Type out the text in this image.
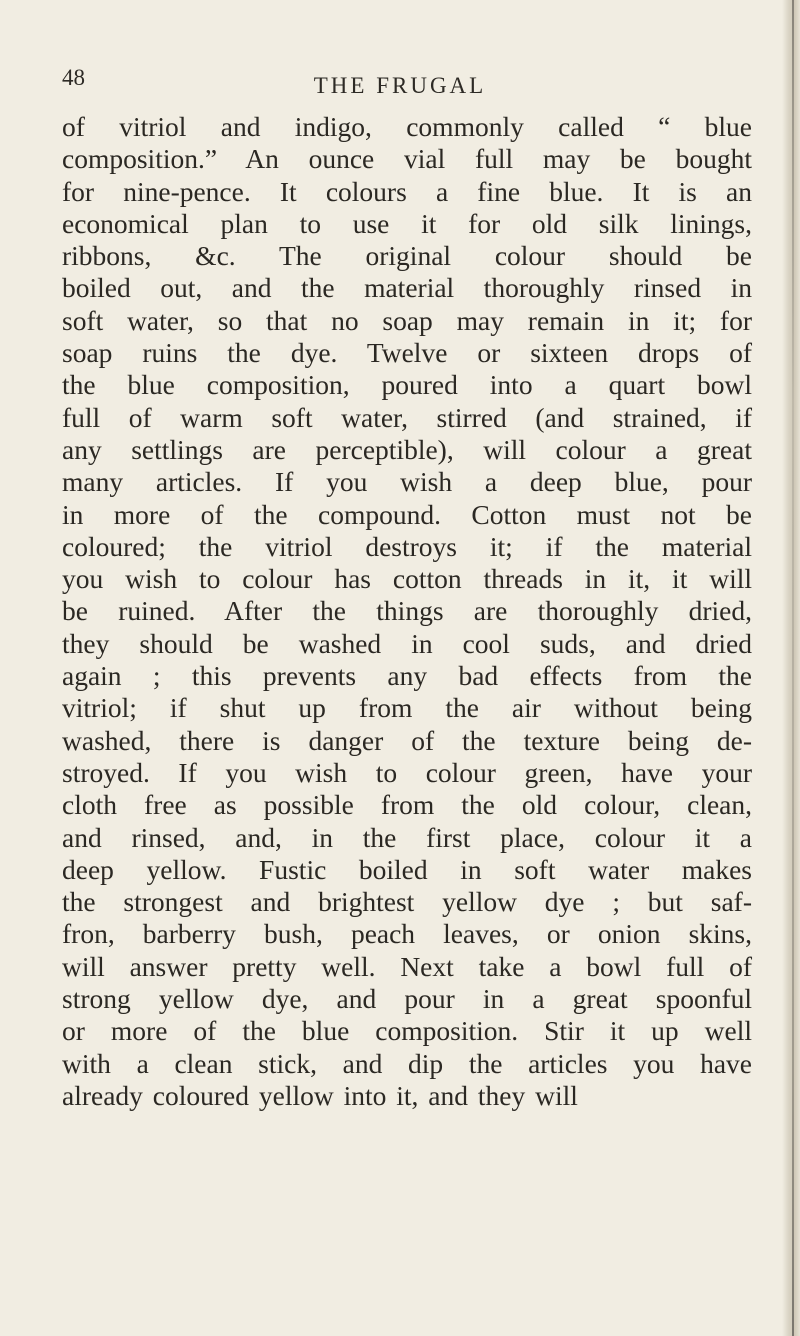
48	THE FRUGAL
of vitriol and indigo, commonly called “ blue
composition.” An ounce vial full may be bought
for nine-pence. It colours a fine blue. It is an
economical plan to use it for old silk linings,
ribbons, &c. The original colour should be
boiled out, and the material thoroughly rinsed in
soft water, so that no soap may remain in it; for
soap ruins the dye. Twelve or sixteen drops of
the blue composition, poured into a quart bowl
full of warm soft water, stirred (and strained, if
any settlings are perceptible), will colour a great
many articles. If you wish a deep blue, pour
in more of the compound. Cotton must not be
coloured; the vitriol destroys it; if the material
you wish to colour has cotton threads in it, it will
be ruined. After the things are thoroughly dried,
they should be washed in cool suds, and dried
again ; this prevents any bad effects from the
vitriol; if shut up from the air without being
washed, there is danger of the texture being de-
stroyed. If you wish to colour green, have your
cloth free as possible from the old colour, clean,
and rinsed, and, in the first place, colour it a
deep yellow. Fustic boiled in soft water makes
the strongest and brightest yellow dye ; but saf-
fron, barberry bush, peach leaves, or onion skins,
will answer pretty well. Next take a bowl full of
strong yellow dye, and pour in a great spoonful
or more of the blue composition. Stir it up well
with a clean stick, and dip the articles you have
already coloured yellow into it, and they will
